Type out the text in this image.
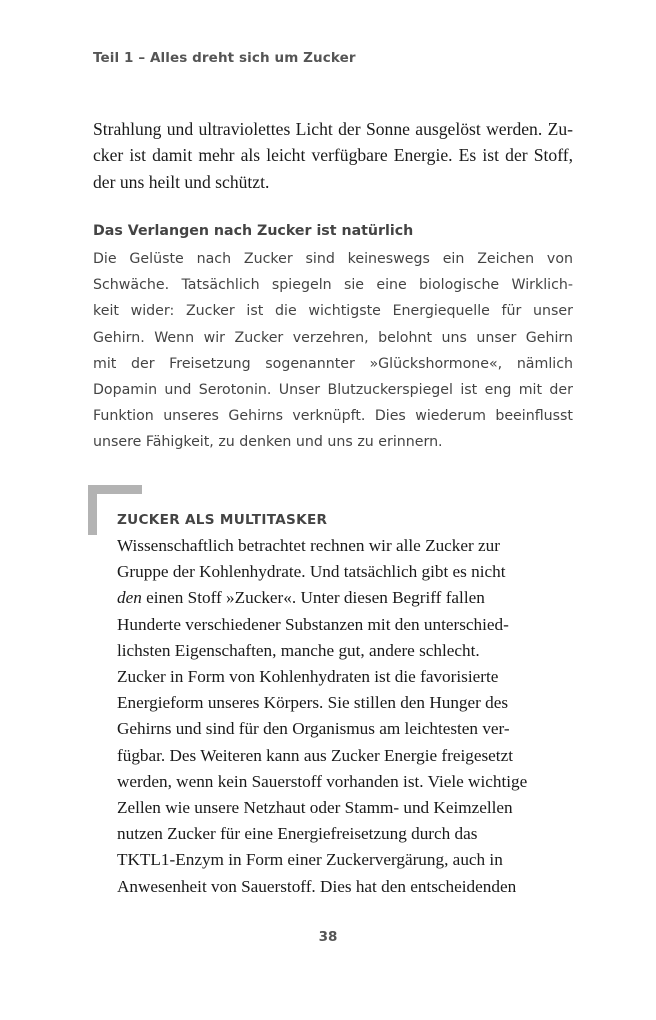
Teil 1 – Alles dreht sich um Zucker
Strahlung und ultraviolettes Licht der Sonne ausgelöst werden. Zu-
cker ist damit mehr als leicht verfügbare Energie. Es ist der Stoff,
der uns heilt und schützt.
Das Verlangen nach Zucker ist natürlich
Die Gelüste nach Zucker sind keineswegs ein Zeichen von
Schwäche. Tatsächlich spiegeln sie eine biologische Wirklich-
keit wider: Zucker ist die wichtigste Energiequelle für unser
Gehirn. Wenn wir Zucker verzehren, belohnt uns unser Gehirn
mit der Freisetzung sogenannter »Glückshormone«, nämlich
Dopamin und Serotonin. Unser Blutzuckerspiegel ist eng mit der
Funktion unseres Gehirns verknüpft. Dies wiederum beeinflusst
unsere Fähigkeit, zu denken und uns zu erinnern.
ZUCKER ALS MULTITASKER
Wissenschaftlich betrachtet rechnen wir alle Zucker zur
Gruppe der Kohlenhydrate. Und tatsächlich gibt es nicht
den einen Stoff »Zucker«. Unter diesen Begriff fallen
Hunderte verschiedener Substanzen mit den unterschied-
lichsten Eigenschaften, manche gut, andere schlecht.
Zucker in Form von Kohlenhydraten ist die favorisierte
Energieform unseres Körpers. Sie stillen den Hunger des
Gehirns und sind für den Organismus am leichtesten ver-
fügbar. Des Weiteren kann aus Zucker Energie freigesetzt
werden, wenn kein Sauerstoff vorhanden ist. Viele wichtige
Zellen wie unsere Netzhaut oder Stamm- und Keimzellen
nutzen Zucker für eine Energiefreisetzung durch das
TKTL1-Enzym in Form einer Zuckervergärung, auch in
Anwesenheit von Sauerstoff. Dies hat den entscheidenden
38
